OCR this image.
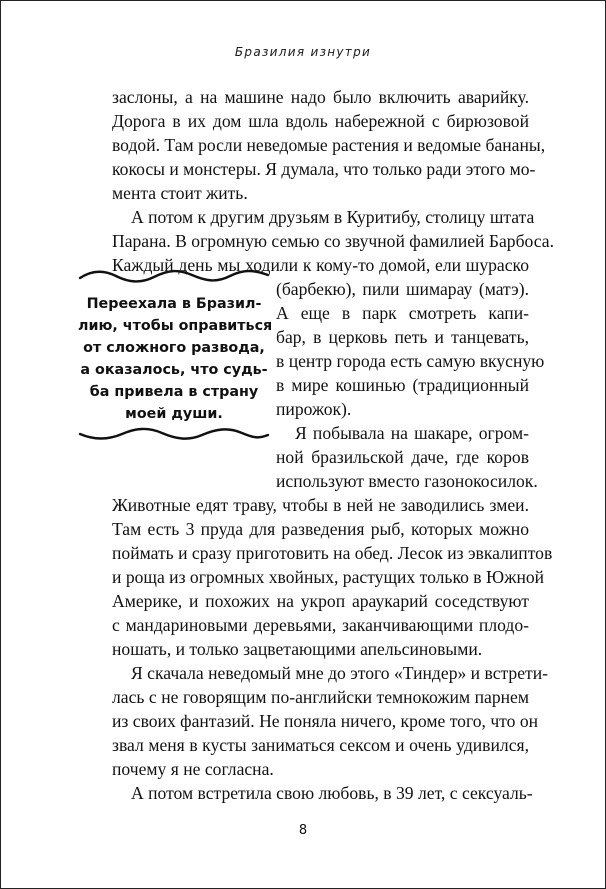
Бразилия изнутри

заслоны, а на машине надо было включить аварийку.

Дорога в их дом шла вдоль набережной с бирюзовой

водой. Там росли неведомые растения и ведомые бананы,

кокосы и монстеры. Я думала, что только ради этого мо-

мента стоит жить.

А потом к другим друзьям в Куритибу, столицу штата

Парана. В огромную семью со звучной фамилией Барбоса.

Каждый день мы ходили к кому-то домой, ели шураско

(барбекю), пили шимарау (матэ).

А еще в парк смотреть капи-

бар, в церковь петь и танцевать,

в центр города есть самую вкусную

в мире кошинью (традиционный

пирожок).

Я побывала на шакаре, огром-

ной бразильской даче, где коров

используют вместо газонокосилок.

Животные едят траву, чтобы в ней не заводились змеи.

Там есть 3 пруда для разведения рыб, которых можно

поймать и сразу приготовить на обед. Лесок из эвкалиптов

и роща из огромных хвойных, растущих только в Южной

Америке, и похожих на укроп араукарий соседствуют

с мандариновыми деревьями, заканчивающими плодо-

ношать, и только зацветающими апельсиновыми.

Я скачала неведомый мне до этого «Тиндер» и встрети-

лась с не говорящим по-английски темнокожим парнем

из своих фантазий. Не поняла ничего, кроме того, что он

звал меня в кусты заниматься сексом и очень удивился,

почему я не согласна.

А потом встретила свою любовь, в 39 лет, с сексуаль-

Переехала в Бразил-

лию, чтобы оправиться

от сложного развода,

а оказалось, что судь-

ба привела в страну

моей души.

8
